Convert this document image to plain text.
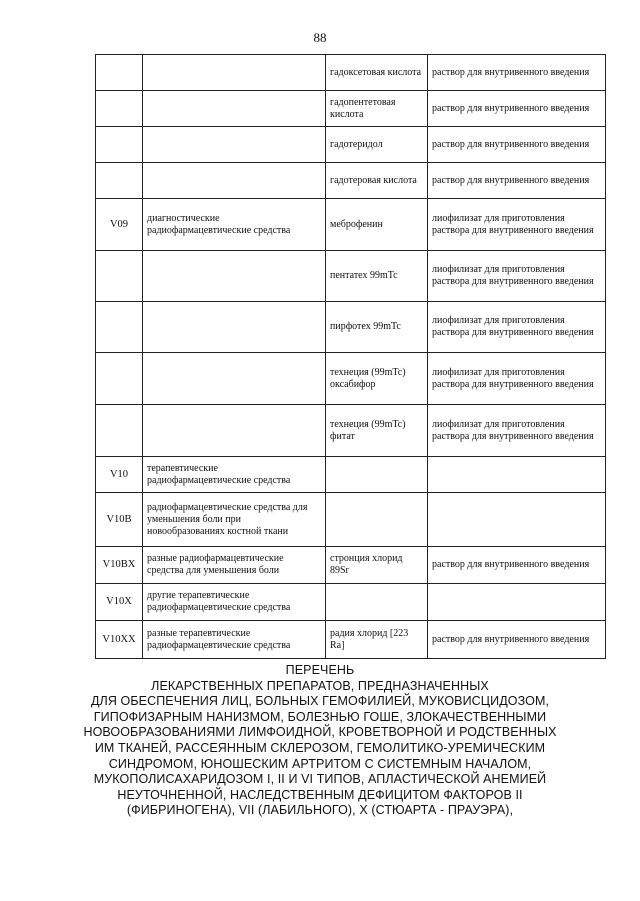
88
		гадоксетовая кислота	раствор для внутривенного введения
		гадопентетовая кислота	раствор для внутривенного введения
		гадотеридол	раствор для внутривенного введения
		гадотеровая кислота	раствор для внутривенного введения
V09	диагностические радиофармацевтические средства	меброфенин	лиофилизат для приготовления раствора для внутривенного введения
		пентатех 99mTc	лиофилизат для приготовления раствора для внутривенного введения
		пирфотех 99mTc	лиофилизат для приготовления раствора для внутривенного введения
		технеция (99mTc) оксабифор	лиофилизат для приготовления раствора для внутривенного введения
		технеция (99mTc) фитат	лиофилизат для приготовления раствора для внутривенного введения
V10	терапевтические радиофармацевтические средства		
V10B	радиофармацевтические средства для уменьшения боли при новообразованиях костной ткани		
V10BX	разные радиофармацевтические средства для уменьшения боли	стронция хлорид 89Sr	раствор для внутривенного введения
V10X	другие терапевтические радиофармацевтические средства		
V10XX	разные терапевтические радиофармацевтические средства	радия хлорид [223 Ra]	раствор для внутривенного введения
ПЕРЕЧЕНЬ
ЛЕКАРСТВЕННЫХ ПРЕПАРАТОВ, ПРЕДНАЗНАЧЕННЫХ
ДЛЯ ОБЕСПЕЧЕНИЯ ЛИЦ, БОЛЬНЫХ ГЕМОФИЛИЕЙ, МУКОВИСЦИДОЗОМ,
ГИПОФИЗАРНЫМ НАНИЗМОМ, БОЛЕЗНЬЮ ГОШЕ, ЗЛОКАЧЕСТВЕННЫМИ
НОВООБРАЗОВАНИЯМИ ЛИМФОИДНОЙ, КРОВЕТВОРНОЙ И РОДСТВЕННЫХ
ИМ ТКАНЕЙ, РАССЕЯННЫМ СКЛЕРОЗОМ, ГЕМОЛИТИКО-УРЕМИЧЕСКИМ
СИНДРОМОМ, ЮНОШЕСКИМ АРТРИТОМ С СИСТЕМНЫМ НАЧАЛОМ,
МУКОПОЛИСАХАРИДОЗОМ I, II И VI ТИПОВ, АПЛАСТИЧЕСКОЙ АНЕМИЕЙ
НЕУТОЧНЕННОЙ, НАСЛЕДСТВЕННЫМ ДЕФИЦИТОМ ФАКТОРОВ II
(ФИБРИНОГЕНА), VII (ЛАБИЛЬНОГО), X (СТЮАРТА - ПРАУЭРА),
